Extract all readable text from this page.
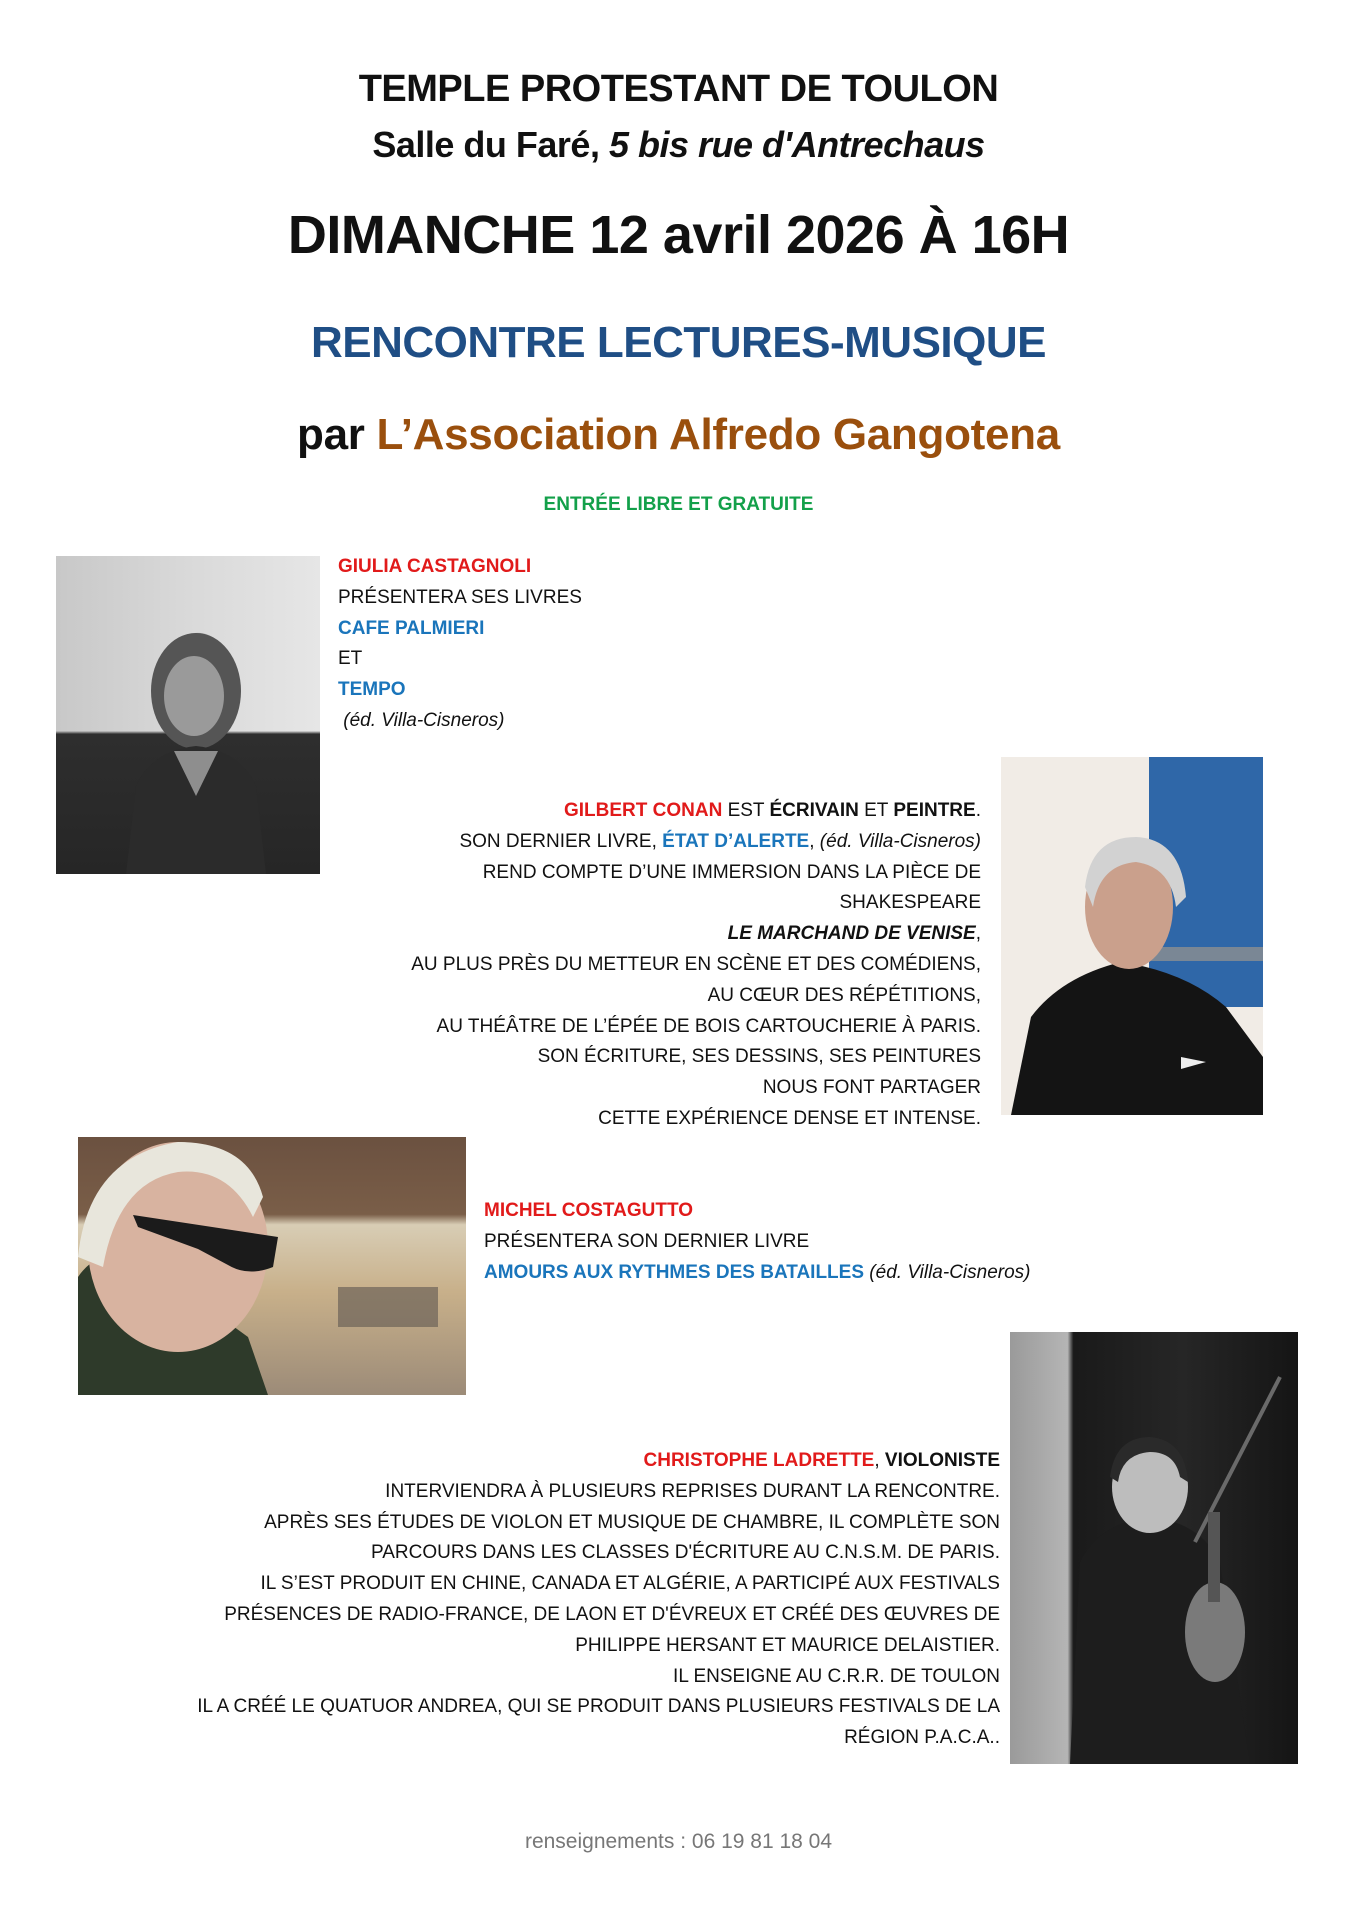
TEMPLE PROTESTANT DE TOULON
Salle du Faré, 5 bis rue d'Antrechaus
DIMANCHE 12 avril 2026 À 16H
RENCONTRE LECTURES-MUSIQUE
par L’Association Alfredo Gangotena
ENTRÉE LIBRE ET GRATUITE
GIULIA CASTAGNOLI
PRÉSENTERA SES LIVRES
CAFE PALMIERI
ET
TEMPO
(éd. Villa-Cisneros)
GILBERT CONAN EST ÉCRIVAIN ET PEINTRE.
SON DERNIER LIVRE, ÉTAT D’ALERTE, (éd. Villa-Cisneros)
REND COMPTE D’UNE IMMERSION DANS LA PIÈCE DE
SHAKESPEARE
LE MARCHAND DE VENISE,
AU PLUS PRÈS DU METTEUR EN SCÈNE ET DES COMÉDIENS,
AU CŒUR DES RÉPÉTITIONS,
AU THÉÂTRE DE L’ÉPÉE DE BOIS CARTOUCHERIE À PARIS.
SON ÉCRITURE, SES DESSINS, SES PEINTURES
NOUS FONT PARTAGER
CETTE EXPÉRIENCE DENSE ET INTENSE.
MICHEL COSTAGUTTO
PRÉSENTERA SON DERNIER LIVRE
AMOURS AUX RYTHMES DES BATAILLES (éd. Villa-Cisneros)
CHRISTOPHE LADRETTE, VIOLONISTE
INTERVIENDRA À PLUSIEURS REPRISES DURANT LA RENCONTRE.
APRÈS SES ÉTUDES DE VIOLON ET MUSIQUE DE CHAMBRE, IL COMPLÈTE SON
PARCOURS DANS LES CLASSES D'ÉCRITURE AU C.N.S.M. DE PARIS.
IL S’EST PRODUIT EN CHINE, CANADA ET ALGÉRIE, A PARTICIPÉ AUX FESTIVALS
PRÉSENCES DE RADIO-FRANCE, DE LAON ET D'ÉVREUX ET CRÉÉ DES ŒUVRES DE
PHILIPPE HERSANT ET MAURICE DELAISTIER.
IL ENSEIGNE AU C.R.R. DE TOULON
IL A CRÉÉ LE QUATUOR ANDREA, QUI SE PRODUIT DANS PLUSIEURS FESTIVALS DE LA
RÉGION P.A.C.A..
renseignements : 06 19 81 18 04
